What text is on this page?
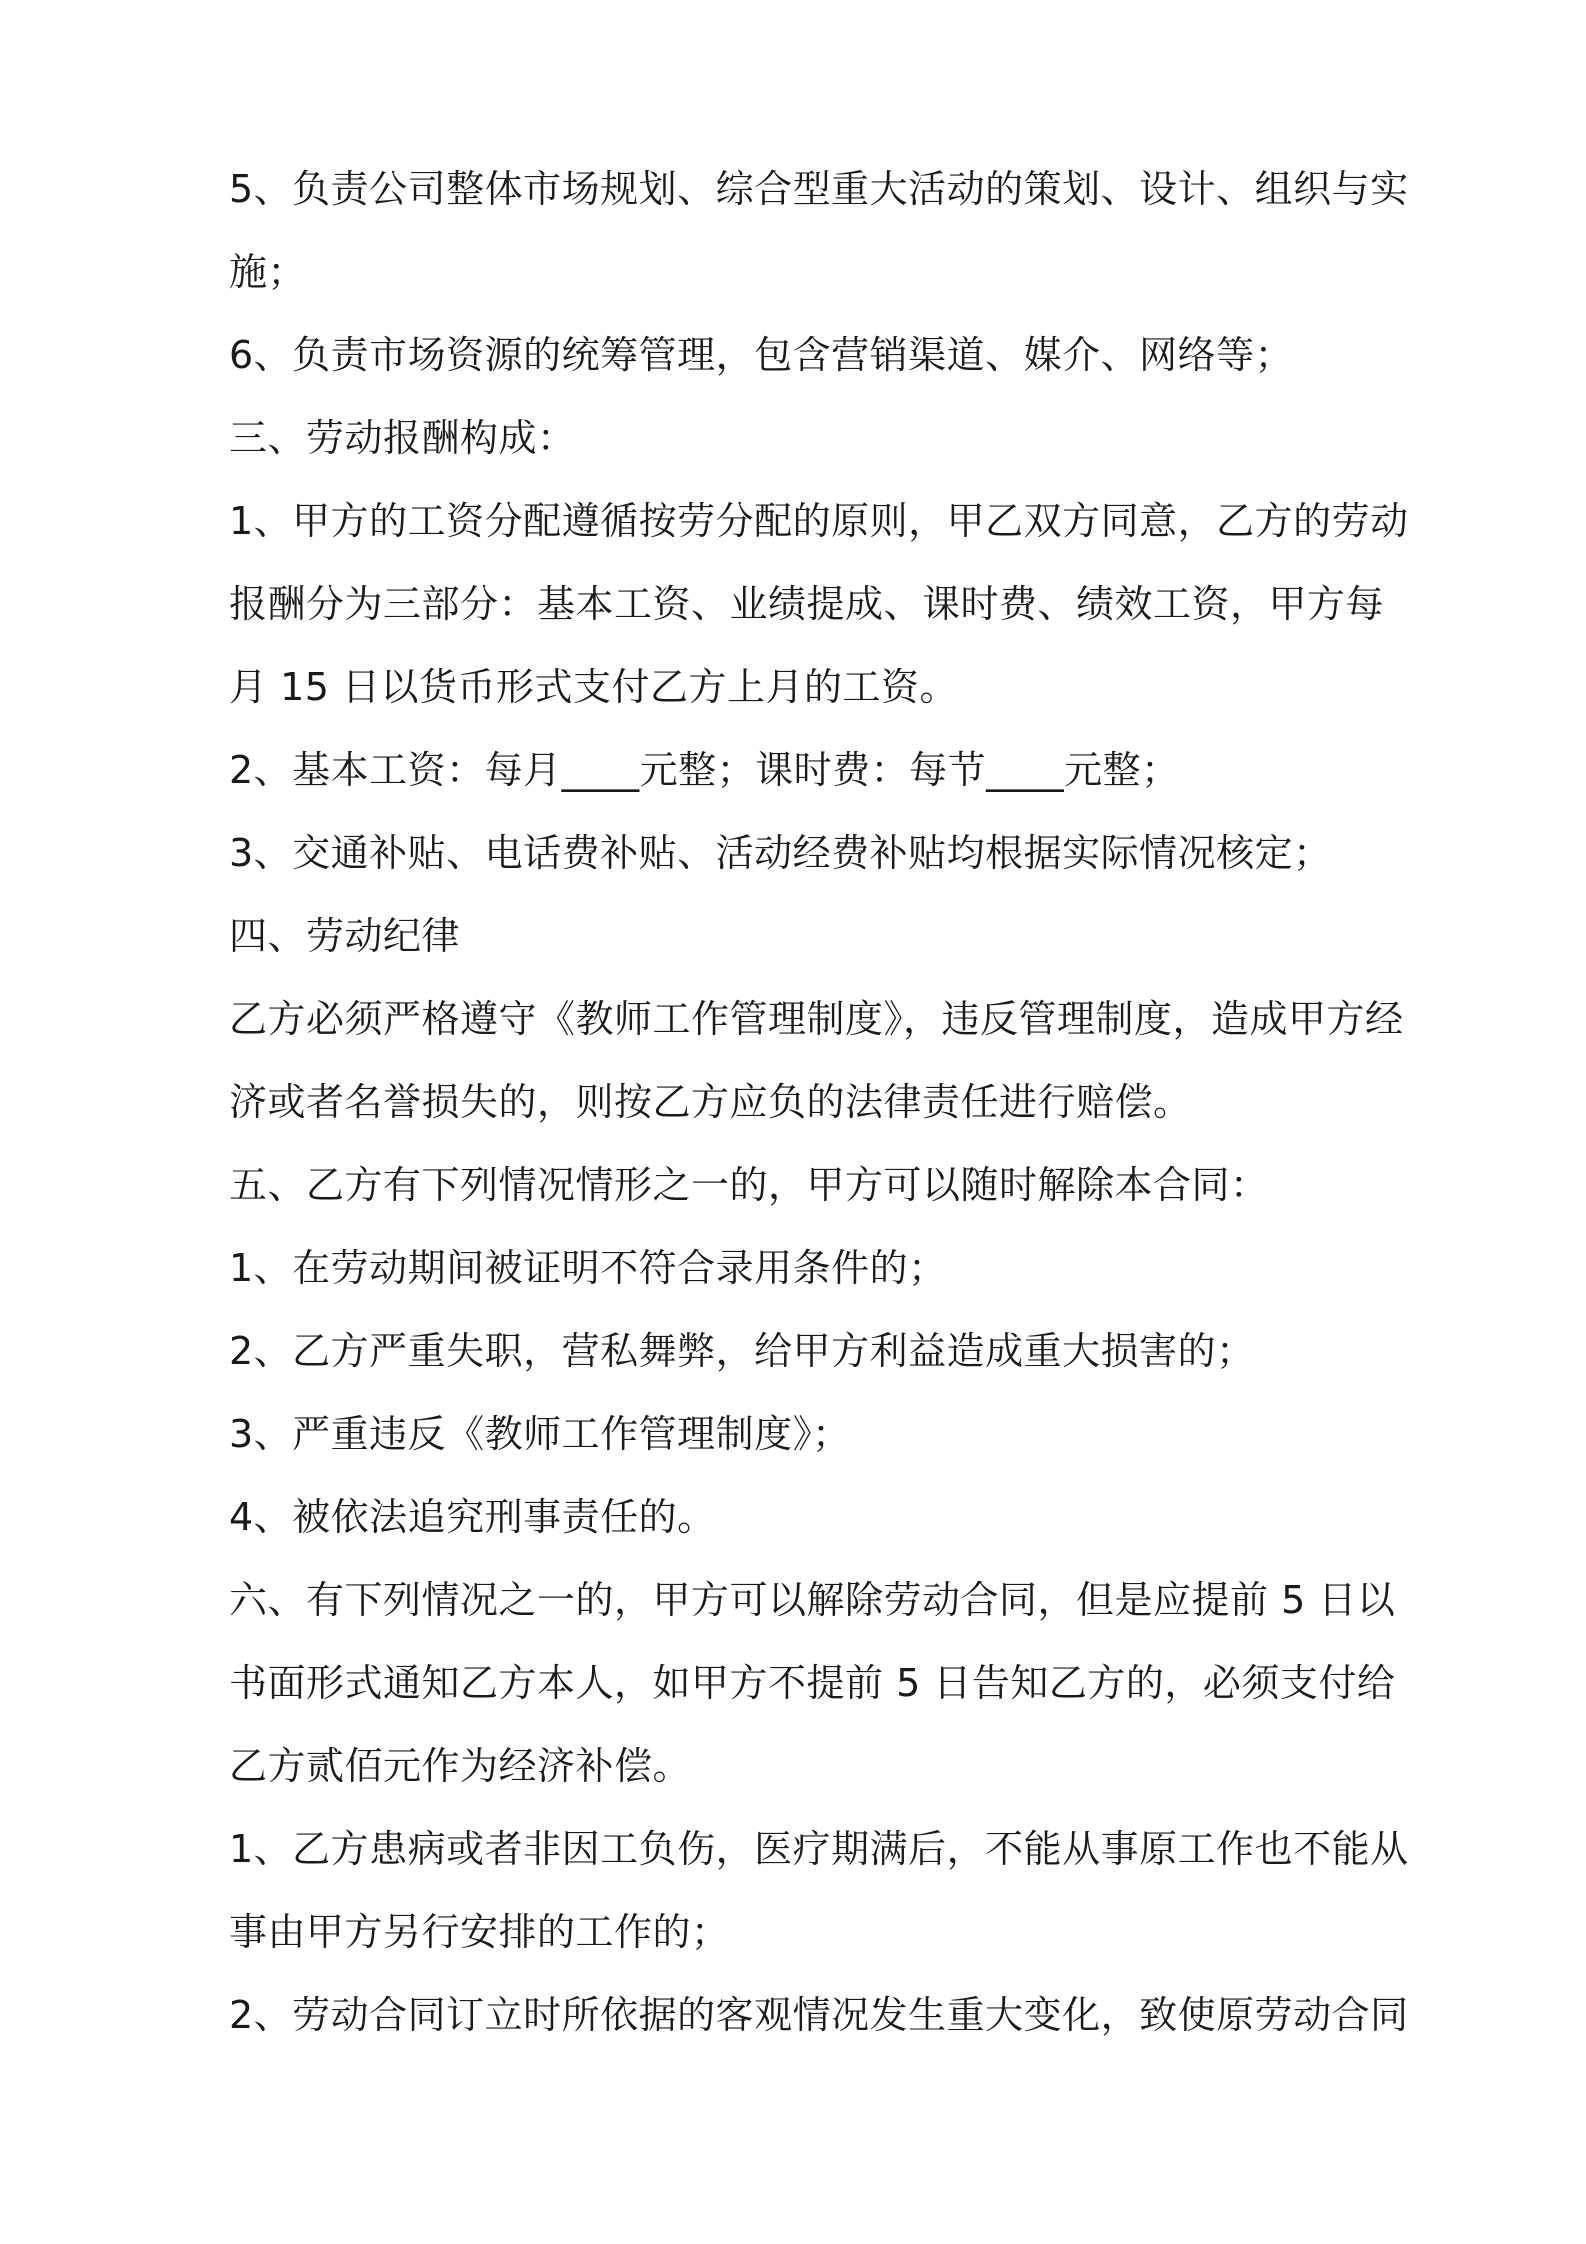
5、负责公司整体市场规划、综合型重大活动的策划、设计、组织与实
施；
6、负责市场资源的统筹管理，包含营销渠道、媒介、网络等；
三、劳动报酬构成：
1、甲方的工资分配遵循按劳分配的原则，甲乙双方同意，乙方的劳动
报酬分为三部分：基本工资、业绩提成、课时费、绩效工资，甲方每
月 15 日以货币形式支付乙方上月的工资。
2、基本工资：每月____元整；课时费：每节____元整；
3、交通补贴、电话费补贴、活动经费补贴均根据实际情况核定；
四、劳动纪律
乙方必须严格遵守《教师工作管理制度》，违反管理制度，造成甲方经
济或者名誉损失的，则按乙方应负的法律责任进行赔偿。
五、乙方有下列情况情形之一的，甲方可以随时解除本合同：
1、在劳动期间被证明不符合录用条件的；
2、乙方严重失职，营私舞弊，给甲方利益造成重大损害的；
3、严重违反《教师工作管理制度》；
4、被依法追究刑事责任的。
六、有下列情况之一的，甲方可以解除劳动合同，但是应提前 5 日以
书面形式通知乙方本人，如甲方不提前 5 日告知乙方的，必须支付给
乙方贰佰元作为经济补偿。
1、乙方患病或者非因工负伤，医疗期满后，不能从事原工作也不能从
事由甲方另行安排的工作的；
2、劳动合同订立时所依据的客观情况发生重大变化，致使原劳动合同
